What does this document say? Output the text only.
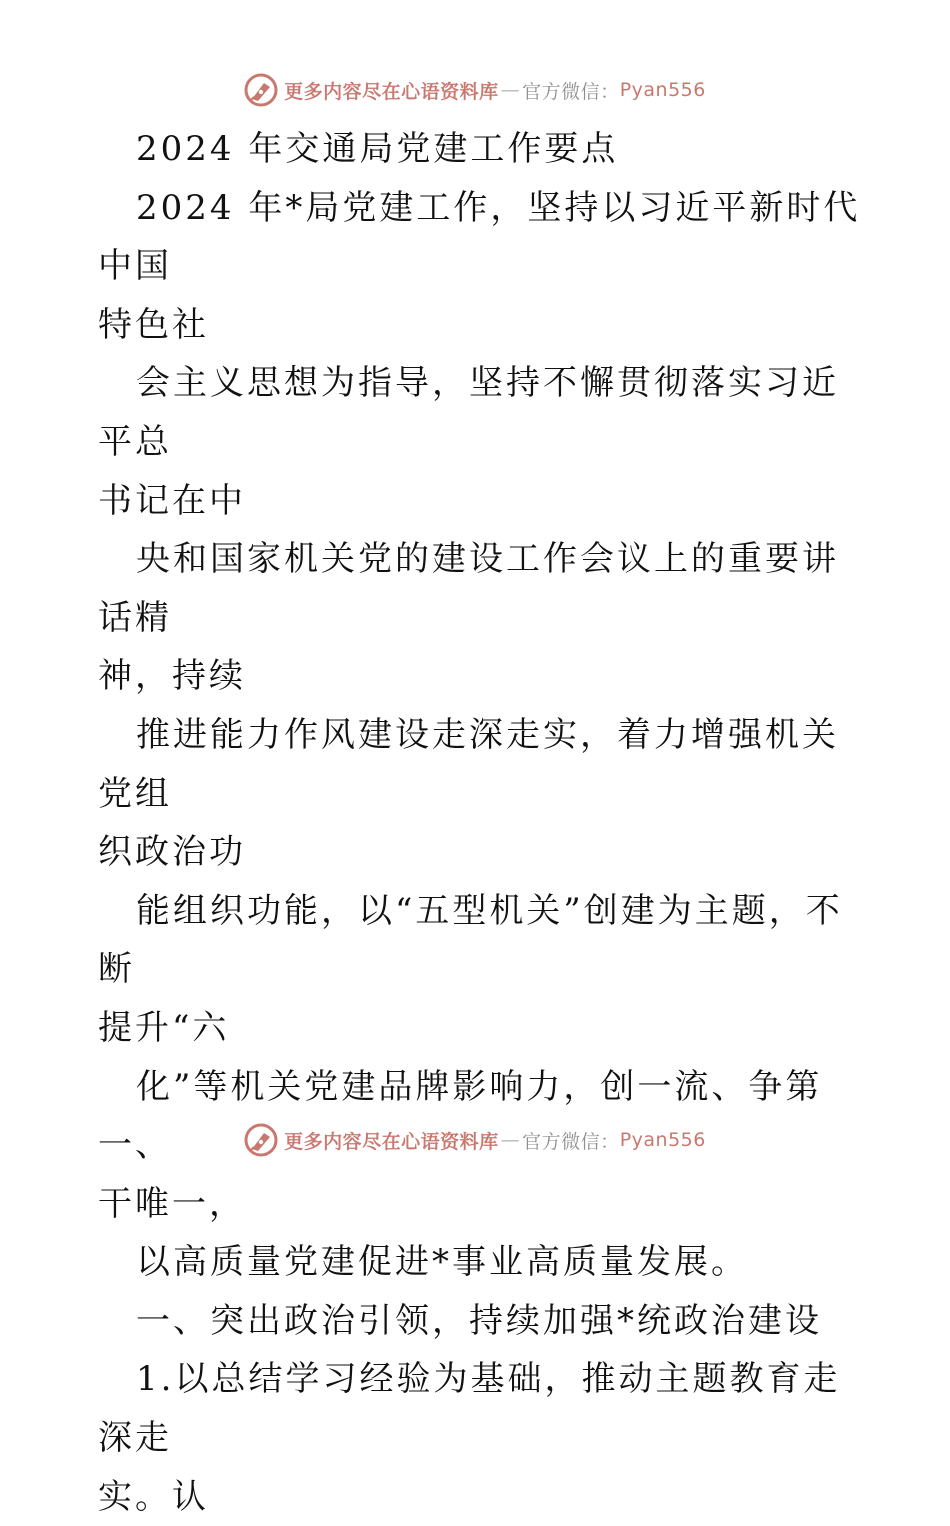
更多内容尽在心语资料库 — 官方微信： Pyan556

2024 年交通局党建工作要点

2024 年*局党建工作，坚持以习近平新时代中国
特色社

会主义思想为指导，坚持不懈贯彻落实习近平总
书记在中

央和国家机关党的建设工作会议上的重要讲话精
神，持续

推进能力作风建设走深走实，着力增强机关党组
织政治功

能组织功能，以“五型机关”创建为主题，不断
提升“六

化”等机关党建品牌影响力，创一流、争第一、
干唯一，

以高质量党建促进*事业高质量发展。

一、突出政治引领，持续加强*统政治建设

1.以总结学习经验为基础，推动主题教育走深走
实。认

更多内容尽在心语资料库 — 官方微信： Pyan556
